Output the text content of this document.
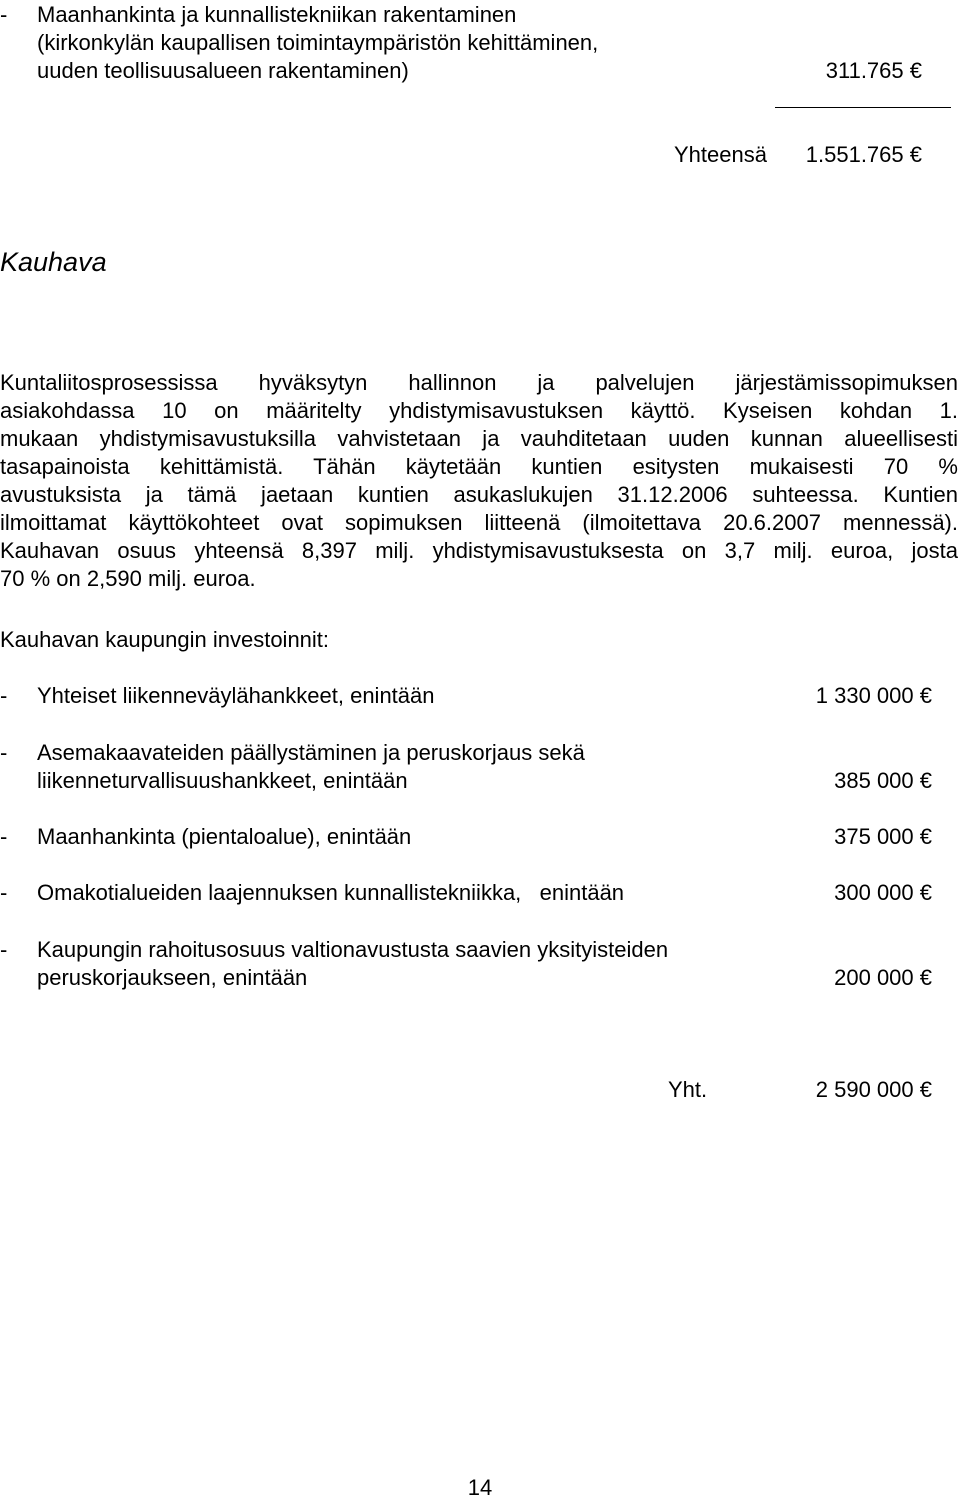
- Maanhankinta ja kunnallistekniikan rakentaminen
(kirkonkylän kaupallisen toimintaympäristön kehittäminen,
uuden teollisuusalueen rakentaminen)	311.765 €
Yhteensä 1.551.765 €
Kauhava
Kuntaliitosprosessissa hyväksytyn hallinnon ja palvelujen järjestämissopimuksen
asiakohdassa 10 on määritelty yhdistymisavustuksen käyttö. Kyseisen kohdan 1.
mukaan yhdistymisavustuksilla vahvistetaan ja vauhditetaan uuden kunnan alueellisesti
tasapainoista kehittämistä. Tähän käytetään kuntien esitysten mukaisesti 70 %
avustuksista ja tämä jaetaan kuntien asukaslukujen 31.12.2006 suhteessa. Kuntien
ilmoittamat käyttökohteet ovat sopimuksen liitteenä (ilmoitettava 20.6.2007 mennessä).
Kauhavan osuus yhteensä 8,397 milj. yhdistymisavustuksesta on 3,7 milj. euroa, josta
70 % on 2,590 milj. euroa.
Kauhavan kaupungin investoinnit:
- Yhteiset liikenneväylähankkeet, enintään	1 330 000 €
- Asemakaavateiden päällystäminen ja peruskorjaus sekä
liikenneturvallisuushankkeet, enintään	385 000 €
- Maanhankinta (pientaloalue), enintään	375 000 €
- Omakotialueiden laajennuksen kunnallistekniikka,   enintään	300 000 €
- Kaupungin rahoitusosuus valtionavustusta saavien yksityisteiden
peruskorjaukseen, enintään	200 000 €
Yht.	2 590 000 €
14
